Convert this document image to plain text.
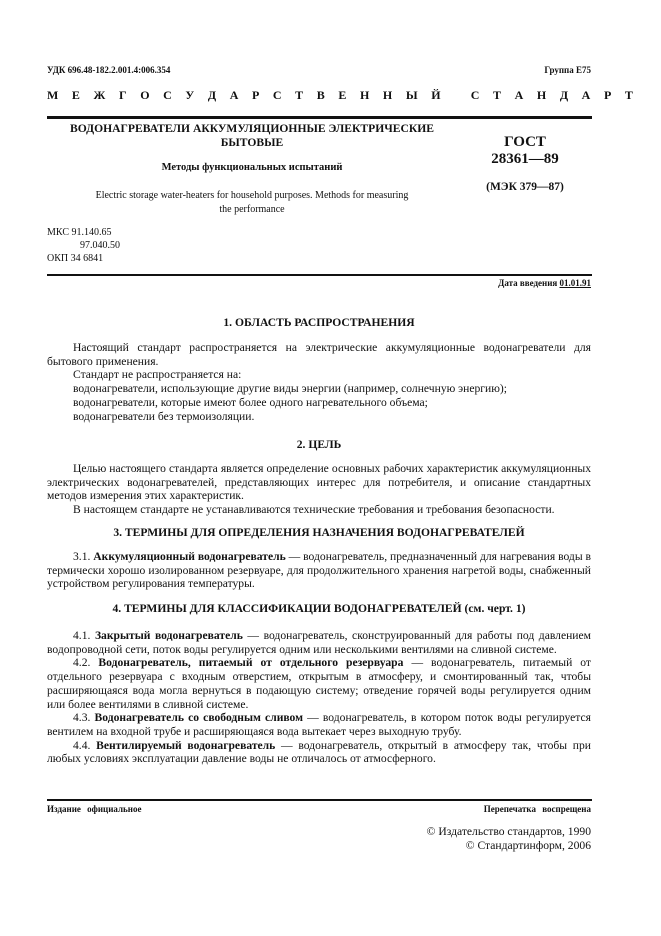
УДК 696.48-182.2.001.4:006.354	Группа Е75
М Е Ж Г О С У Д А Р С Т В Е Н Н Ы Й   С Т А Н Д А Р Т
ВОДОНАГРЕВАТЕЛИ АККУМУЛЯЦИОННЫЕ ЭЛЕКТРИЧЕСКИЕ
БЫТОВЫЕ
Методы функциональных испытаний
Electric storage water-heaters for household purposes. Methods for measuring
the performance
ГОСТ
28361—89
(МЭК 379—87)
МКС 91.140.65
97.040.50
ОКП 34 6841
Дата введения 01.01.91
1. ОБЛАСТЬ РАСПРОСТРАНЕНИЯ
Настоящий стандарт распространяется на электрические аккумуляционные водонагреватели для бытового применения.
Стандарт не распространяется на:
водонагреватели, использующие другие виды энергии (например, солнечную энергию);
водонагреватели, которые имеют более одного нагревательного объема;
водонагреватели без термоизоляции.
2. ЦЕЛЬ
Целью настоящего стандарта является определение основных рабочих характеристик аккумуляционных электрических водонагревателей, представляющих интерес для потребителя, и описание стандартных методов измерения этих характеристик.
В настоящем стандарте не устанавливаются технические требования и требования безопасности.
3. ТЕРМИНЫ ДЛЯ ОПРЕДЕЛЕНИЯ НАЗНАЧЕНИЯ ВОДОНАГРЕВАТЕЛЕЙ
3.1. Аккумуляционный водонагреватель — водонагреватель, предназначенный для нагревания воды в термически хорошо изолированном резервуаре, для продолжительного хранения нагретой воды, снабженный устройством регулирования температуры.
4. ТЕРМИНЫ ДЛЯ КЛАССИФИКАЦИИ ВОДОНАГРЕВАТЕЛЕЙ (см. черт. 1)
4.1. Закрытый водонагреватель — водонагреватель, сконструированный для работы под давлением водопроводной сети, поток воды регулируется одним или несколькими вентилями на сливной системе.
4.2. Водонагреватель, питаемый от отдельного резервуара — водонагреватель, питаемый от отдельного резервуара с входным отверстием, открытым в атмосферу, и смонтированный так, чтобы расширяющаяся вода могла вернуться в подающую систему; отведение горячей воды регулируется одним или более вентилями в сливной системе.
4.3. Водонагреватель со свободным сливом — водонагреватель, в котором поток воды регулируется вентилем на входной трубе и расширяющаяся вода вытекает через выходную трубу.
4.4. Вентилируемый водонагреватель — водонагреватель, открытый в атмосферу так, чтобы при любых условиях эксплуатации давление воды не отличалось от атмосферного.
Издание официальное	Перепечатка воспрещена
© Издательство стандартов, 1990
© Стандартинформ, 2006
